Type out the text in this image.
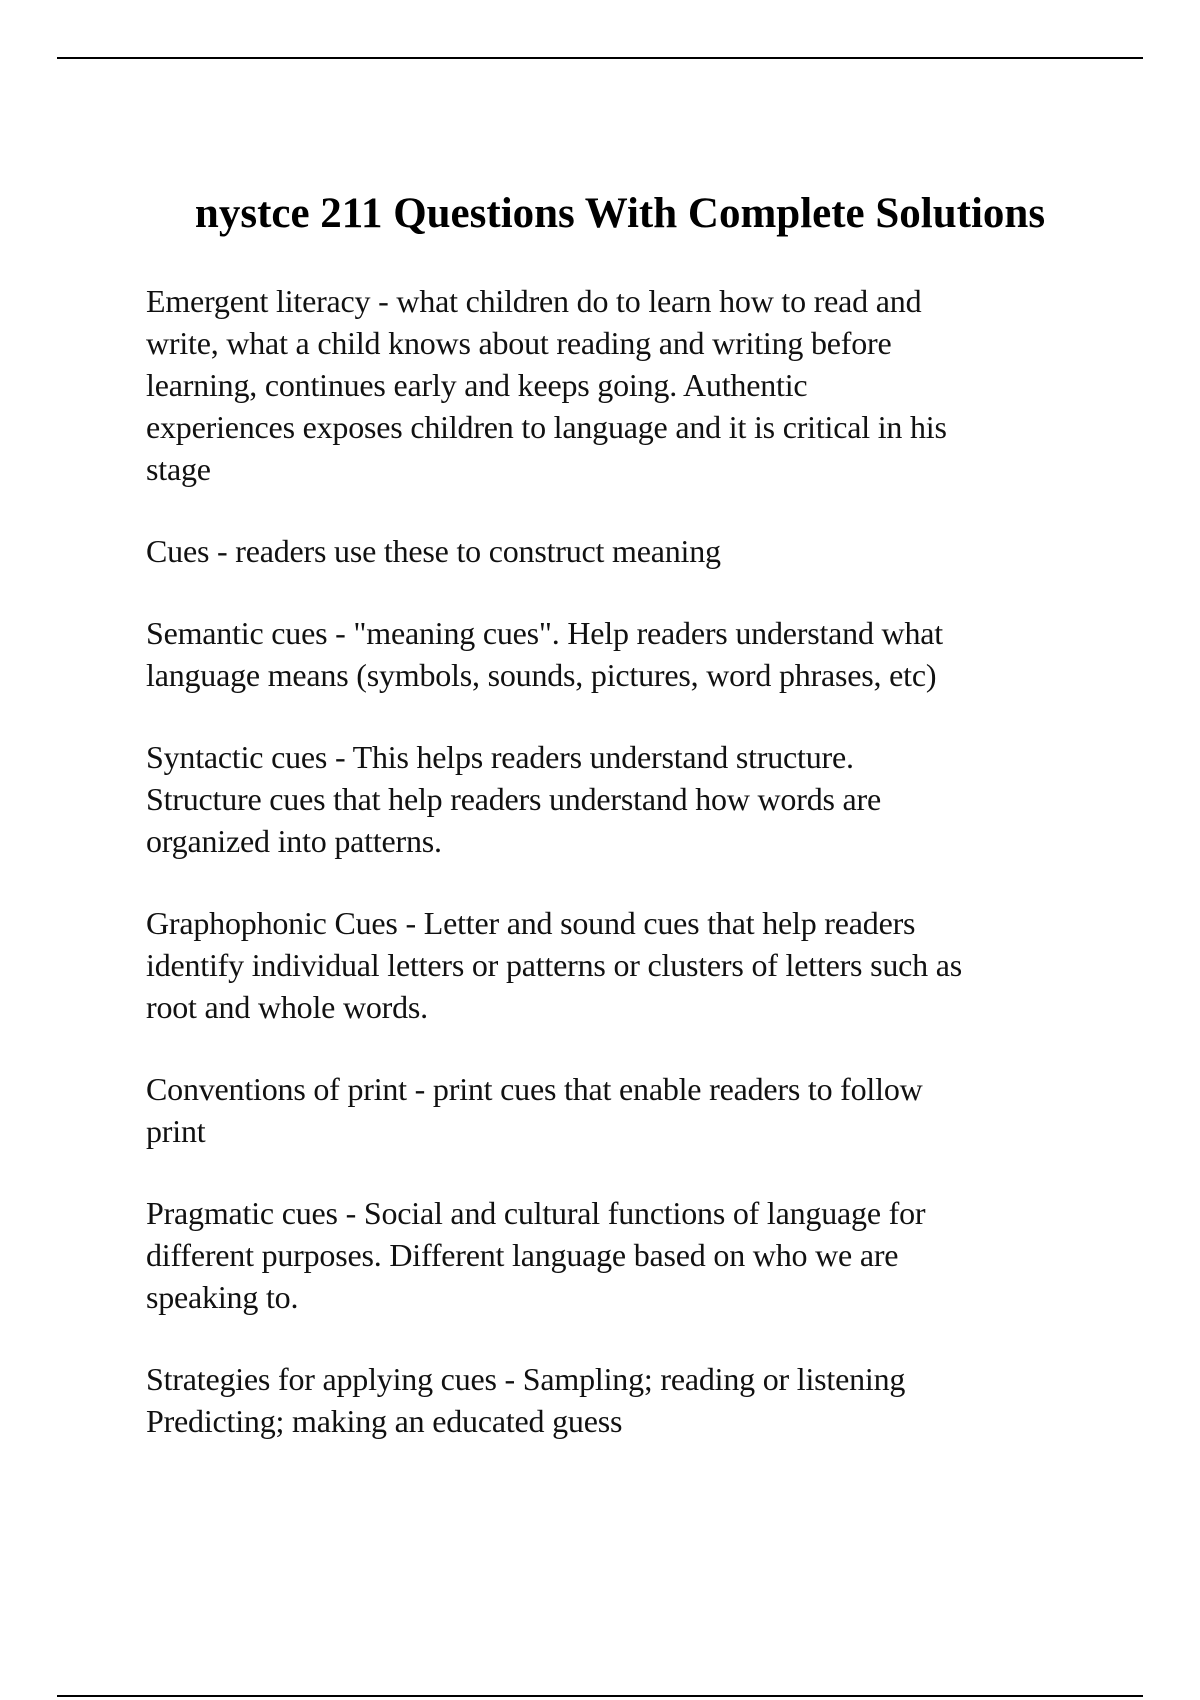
nystce 211 Questions With Complete Solutions

Emergent literacy - what children do to learn how to read and
write, what a child knows about reading and writing before
learning, continues early and keeps going. Authentic
experiences exposes children to language and it is critical in his
stage

Cues - readers use these to construct meaning

Semantic cues - "meaning cues". Help readers understand what
language means (symbols, sounds, pictures, word phrases, etc)

Syntactic cues - This helps readers understand structure.
Structure cues that help readers understand how words are
organized into patterns.

Graphophonic Cues - Letter and sound cues that help readers
identify individual letters or patterns or clusters of letters such as
root and whole words.

Conventions of print - print cues that enable readers to follow
print

Pragmatic cues - Social and cultural functions of language for
different purposes. Different language based on who we are
speaking to.

Strategies for applying cues - Sampling; reading or listening
Predicting; making an educated guess
